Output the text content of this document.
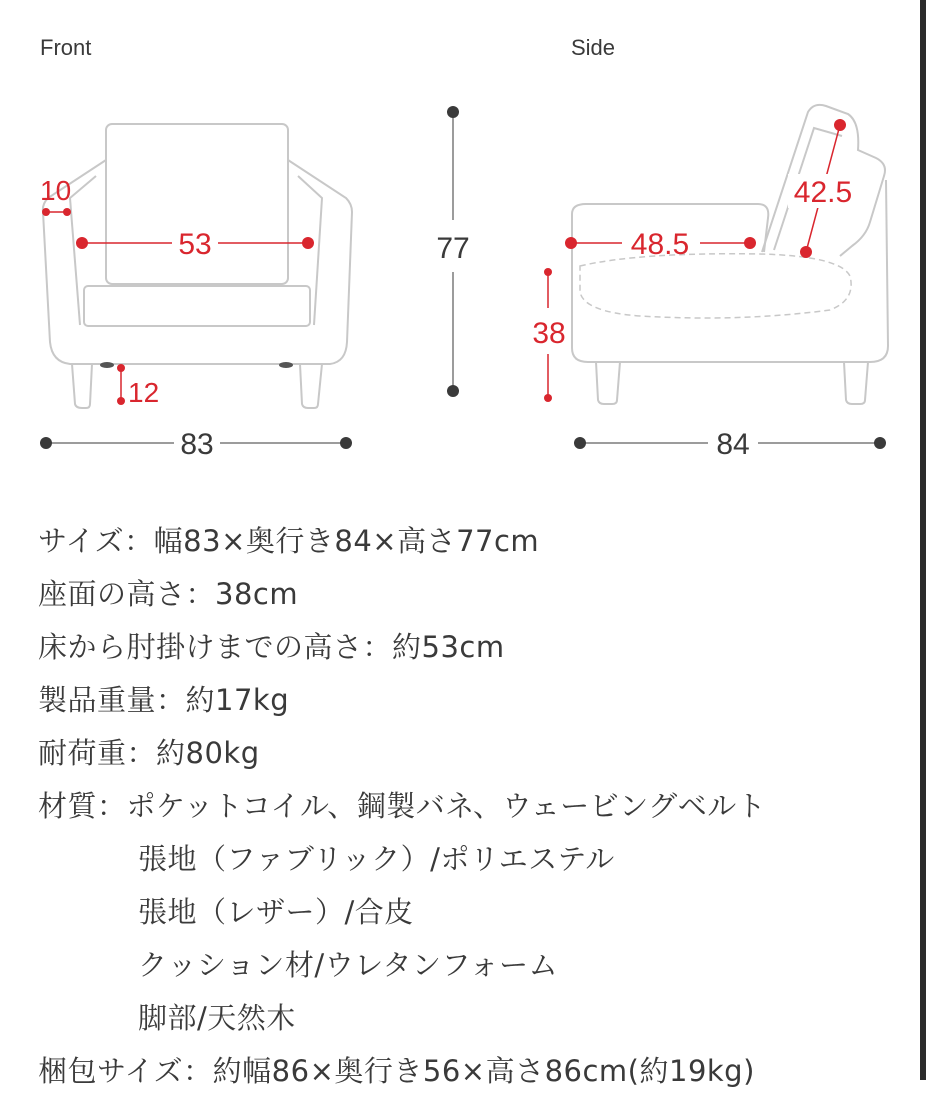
Front
10
53
12
83
77
Side
42.5
48.5
38
84
サイズ：幅83×奥行き84×高さ77cm
座面の高さ：38cm
床から肘掛けまでの高さ：約53cm
製品重量：約17kg
耐荷重：約80kg
材質：ポケットコイル、鋼製バネ、ウェービングベルト
張地（ファブリック）/ポリエステル
張地（レザー）/合皮
クッション材/ウレタンフォーム
脚部/天然木
梱包サイズ：約幅86×奥行き56×高さ86cm(約19kg)
